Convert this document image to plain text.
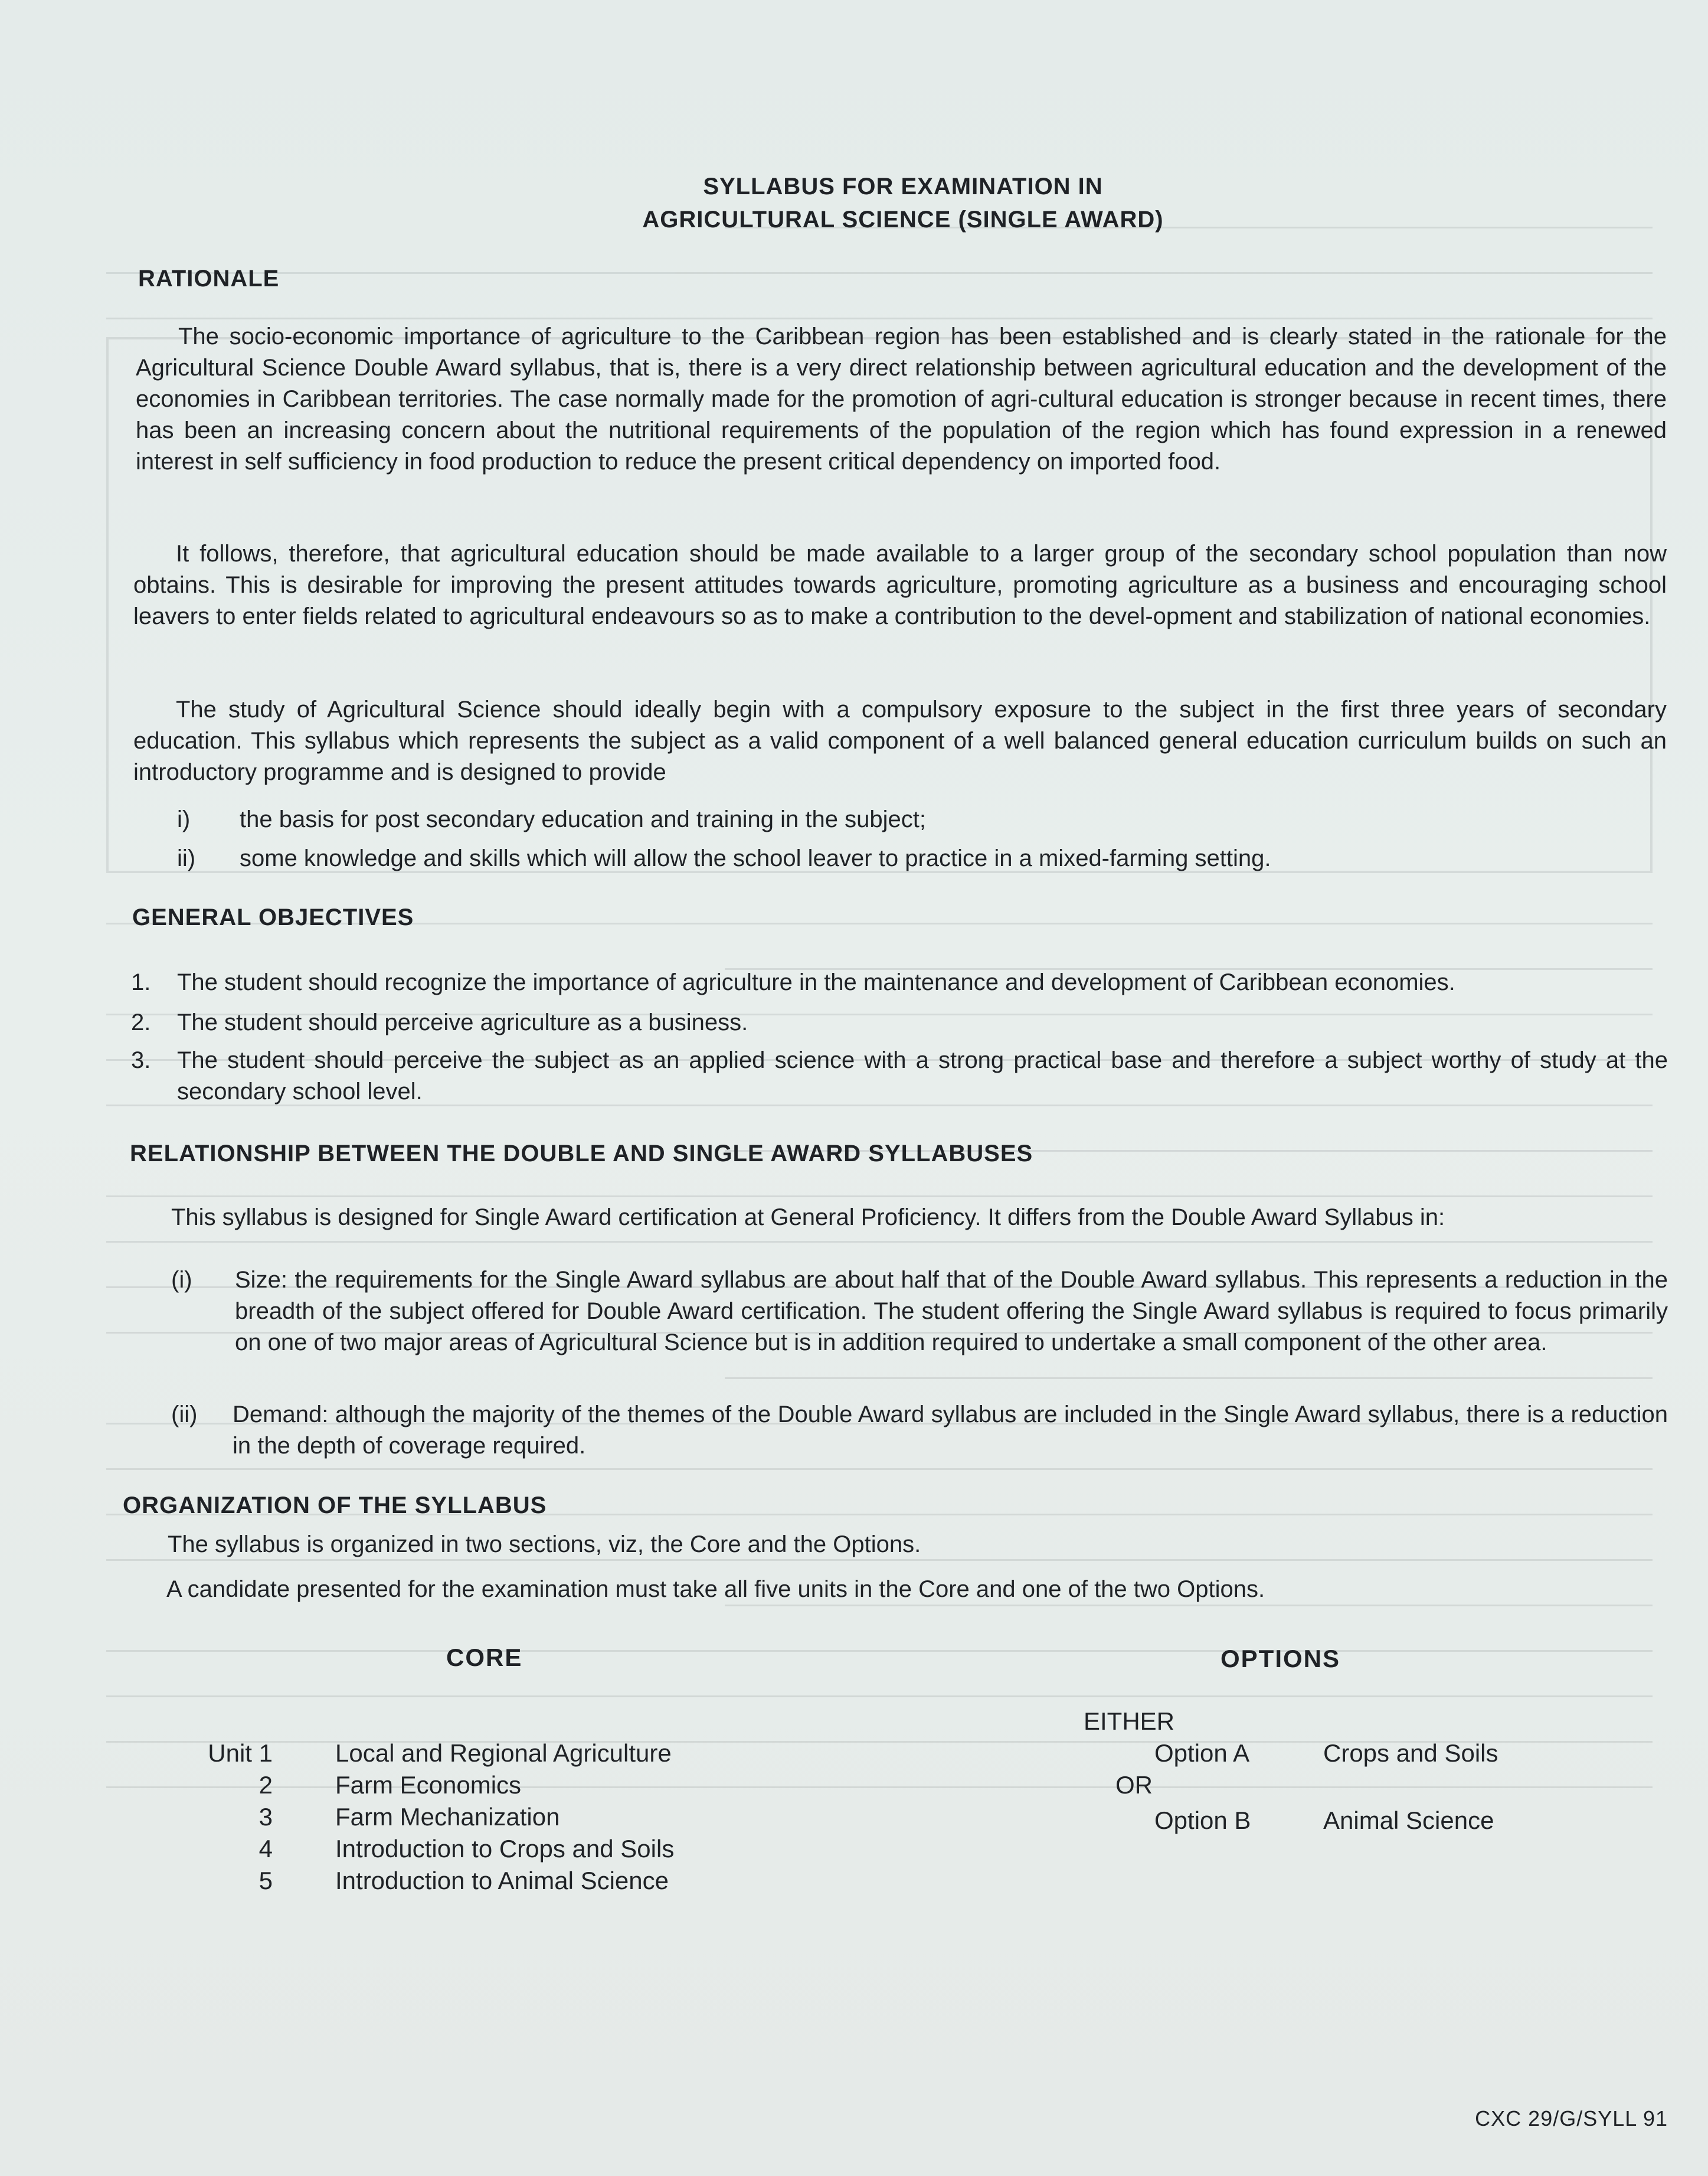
SYLLABUS FOR EXAMINATION IN
AGRICULTURAL SCIENCE (SINGLE AWARD)
RATIONALE
The socio-economic importance of agriculture to the Caribbean region has been established and is clearly stated in the rationale for the Agricultural Science Double Award syllabus, that is, there is a very direct relationship between agricultural education and the development of the economies in Caribbean territories. The case normally made for the promotion of agri-cultural education is stronger because in recent times, there has been an increasing concern about the nutritional requirements of the population of the region which has found expression in a renewed interest in self sufficiency in food production to reduce the present critical dependency on imported food.
It follows, therefore, that agricultural education should be made available to a larger group of the secondary school population than now obtains. This is desirable for improving the present attitudes towards agriculture, promoting agriculture as a business and encouraging school leavers to enter fields related to agricultural endeavours so as to make a contribution to the devel-opment and stabilization of national economies.
The study of Agricultural Science should ideally begin with a compulsory exposure to the subject in the first three years of secondary education. This syllabus which represents the subject as a valid component of a well balanced general education curriculum builds on such an introductory programme and is designed to provide
i) the basis for post secondary education and training in the subject;
ii) some knowledge and skills which will allow the school leaver to practice in a mixed-farming setting.
GENERAL OBJECTIVES
1. The student should recognize the importance of agriculture in the maintenance and development of Caribbean economies.
2. The student should perceive agriculture as a business.
3. The student should perceive the subject as an applied science with a strong practical base and therefore a subject worthy of study at the secondary school level.
RELATIONSHIP BETWEEN THE DOUBLE AND SINGLE AWARD SYLLABUSES
This syllabus is designed for Single Award certification at General Proficiency. It differs from the Double Award Syllabus in:
(i) Size: the requirements for the Single Award syllabus are about half that of the Double Award syllabus. This represents a reduction in the breadth of the subject offered for Double Award certification. The student offering the Single Award syllabus is required to focus primarily on one of two major areas of Agricultural Science but is in addition required to undertake a small component of the other area.
(ii) Demand: although the majority of the themes of the Double Award syllabus are included in the Single Award syllabus, there is a reduction in the depth of coverage required.
ORGANIZATION OF THE SYLLABUS
The syllabus is organized in two sections, viz, the Core and the Options.
A candidate presented for the examination must take all five units in the Core and one of the two Options.
CORE	OPTIONS
Unit 1	Local and Regional Agriculture
2	Farm Economics
3	Farm Mechanization
4	Introduction to Crops and Soils
5	Introduction to Animal Science
EITHER
Option A	Crops and Soils
OR
Option B	Animal Science
CXC 29/G/SYLL 91
